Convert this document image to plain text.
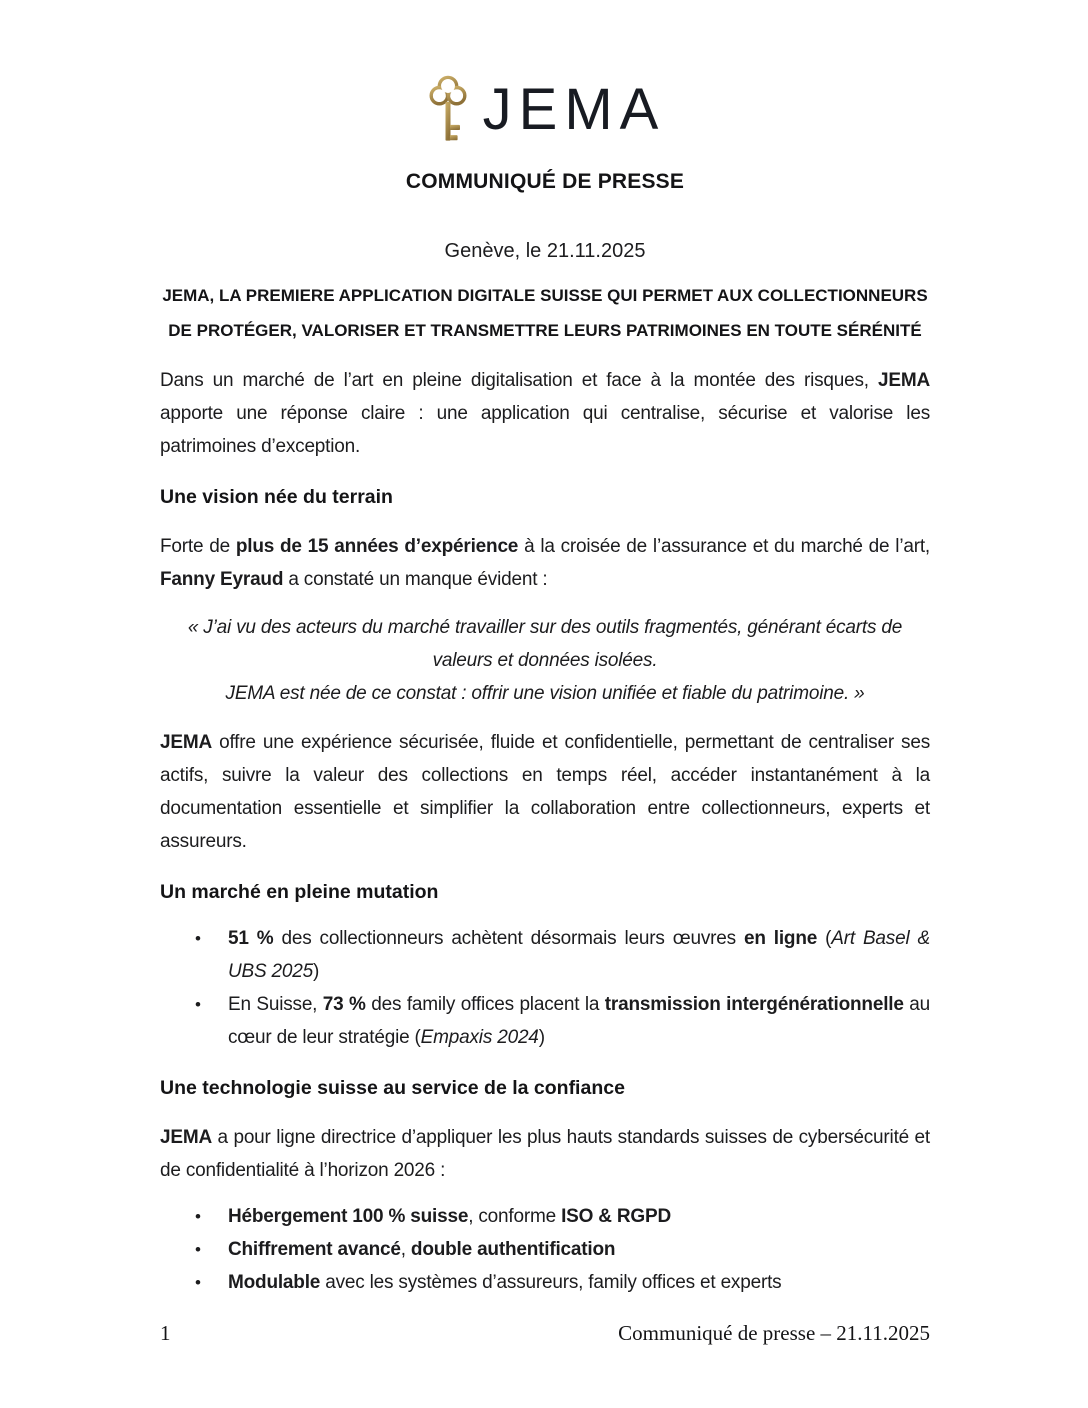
JEMA
COMMUNIQUÉ DE PRESSE
Genève, le 21.11.2025
JEMA, LA PREMIERE APPLICATION DIGITALE SUISSE QUI PERMET AUX COLLECTIONNEURS
DE PROTÉGER, VALORISER ET TRANSMETTRE LEURS PATRIMOINES EN TOUTE SÉRÉNITÉ

Dans un marché de l’art en pleine digitalisation et face à la montée des risques, JEMA apporte une réponse claire : une application qui centralise, sécurise et valorise les patrimoines d’exception.

Une vision née du terrain

Forte de plus de 15 années d’expérience à la croisée de l’assurance et du marché de l’art, Fanny Eyraud a constaté un manque évident :

« J’ai vu des acteurs du marché travailler sur des outils fragmentés, générant écarts de valeurs et données isolées.
JEMA est née de ce constat : offrir une vision unifiée et fiable du patrimoine. »

JEMA offre une expérience sécurisée, fluide et confidentielle, permettant de centraliser ses actifs, suivre la valeur des collections en temps réel, accéder instantanément à la documentation essentielle et simplifier la collaboration entre collectionneurs, experts et assureurs.

Un marché en pleine mutation
• 51 % des collectionneurs achètent désormais leurs œuvres en ligne (Art Basel & UBS 2025)
• En Suisse, 73 % des family offices placent la transmission intergénérationnelle au cœur de leur stratégie (Empaxis 2024)
Une technologie suisse au service de la confiance

JEMA a pour ligne directrice d’appliquer les plus hauts standards suisses de cybersécurité et de confidentialité à l’horizon 2026 :

• Hébergement 100 % suisse, conforme ISO & RGPD
• Chiffrement avancé, double authentification
• Modulable avec les systèmes d’assureurs, family offices et experts
1	Communiqué de presse – 21.11.2025
